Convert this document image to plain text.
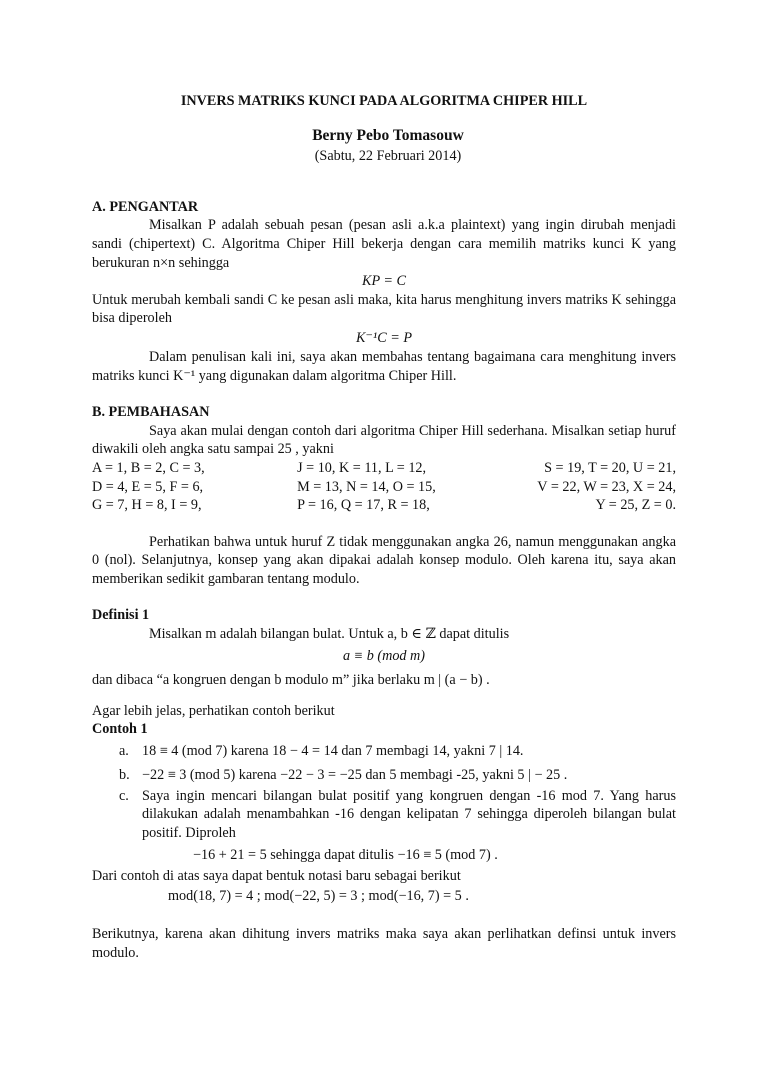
INVERS MATRIKS KUNCI PADA ALGORITMA CHIPER HILL
Berny Pebo Tomasouw
(Sabtu, 22 Februari 2014)
A. PENGANTAR

Misalkan P adalah sebuah pesan (pesan asli a.k.a plaintext) yang ingin dirubah menjadi sandi (chipertext) C. Algoritma Chiper Hill bekerja dengan cara memilih matriks kunci K yang berukuran n×n sehingga

KP = C

Untuk merubah kembali sandi C ke pesan asli maka, kita harus menghitung invers matriks K sehingga bisa diperoleh

K⁻¹C = P

Dalam penulisan kali ini, saya akan membahas tentang bagaimana cara menghitung invers matriks kunci K⁻¹ yang digunakan dalam algoritma Chiper Hill.

B. PEMBAHASAN

Saya akan mulai dengan contoh dari algoritma Chiper Hill sederhana. Misalkan setiap huruf diwakili oleh angka satu sampai 25 , yakni

A = 1, B = 2, C = 3,	J = 10, K = 11, L = 12,	S = 19, T = 20, U = 21,
D = 4, E = 5, F = 6,	M = 13, N = 14, O = 15,	V = 22, W = 23, X = 24,
G = 7, H = 8, I = 9,	P = 16, Q = 17, R = 18,	Y = 25, Z = 0.

Perhatikan bahwa untuk huruf Z tidak menggunakan angka 26, namun menggunakan angka 0 (nol). Selanjutnya, konsep yang akan dipakai adalah konsep modulo. Oleh karena itu, saya akan memberikan sedikit gambaran tentang modulo.

Definisi 1

Misalkan m adalah bilangan bulat. Untuk a, b ∈ ℤ dapat ditulis

a ≡ b (mod m)

dan dibaca “a kongruen dengan b modulo m” jika berlaku m | (a − b) .

Agar lebih jelas, perhatikan contoh berikut

Contoh 1
a. 18 ≡ 4 (mod 7) karena 18 − 4 = 14 dan 7 membagi 14, yakni 7 | 14.
b. −22 ≡ 3 (mod 5) karena −22 − 3 = −25 dan 5 membagi -25, yakni 5 | − 25 .
c. Saya ingin mencari bilangan bulat positif yang kongruen dengan -16 mod 7. Yang harus dilakukan adalah menambahkan -16 dengan kelipatan 7 sehingga diperoleh bilangan bulat positif. Diproleh
−16 + 21 = 5 sehingga dapat ditulis −16 ≡ 5 (mod 7) .

Dari contoh di atas saya dapat bentuk notasi baru sebagai berikut

mod(18, 7) = 4 ; mod(−22, 5) = 3 ; mod(−16, 7) = 5 .

Berikutnya, karena akan dihitung invers matriks maka saya akan perlihatkan definsi untuk invers modulo.
